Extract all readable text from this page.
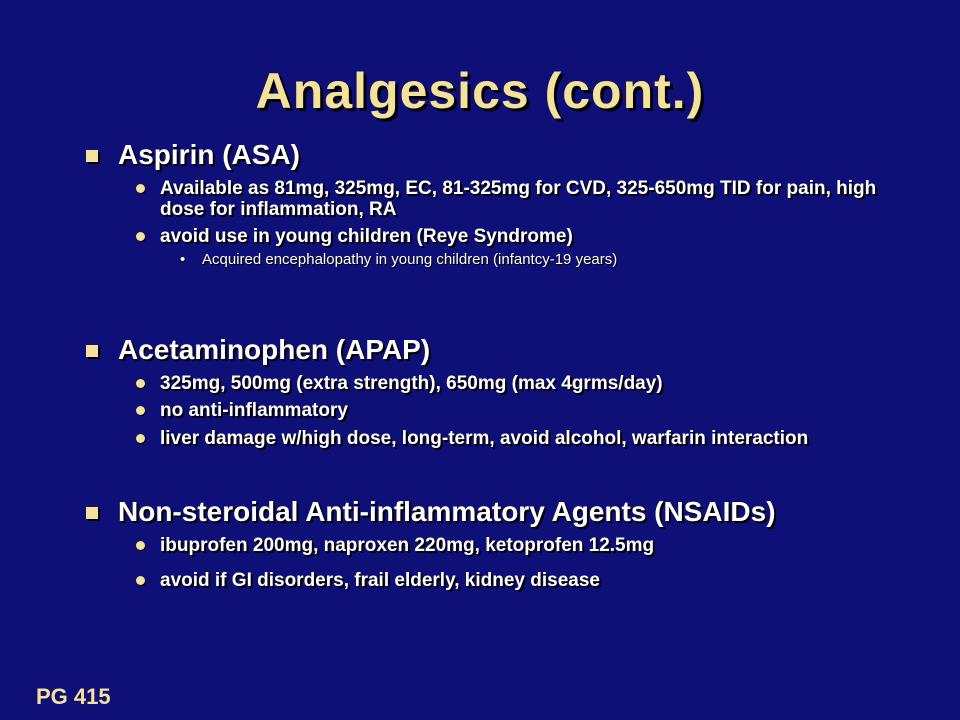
Analgesics (cont.)
Aspirin (ASA)
Available as 81mg, 325mg, EC, 81-325mg for CVD, 325-650mg TID for pain, high dose for inflammation, RA
avoid use in young children (Reye Syndrome)
• Acquired encephalopathy in young children (infantcy-19 years)
Acetaminophen (APAP)
325mg, 500mg (extra strength), 650mg (max 4grms/day)
no anti-inflammatory
liver damage w/high dose, long-term, avoid alcohol, warfarin interaction
Non-steroidal Anti-inflammatory Agents (NSAIDs)
ibuprofen 200mg, naproxen 220mg, ketoprofen 12.5mg
avoid if GI disorders, frail elderly, kidney disease
PG 415
